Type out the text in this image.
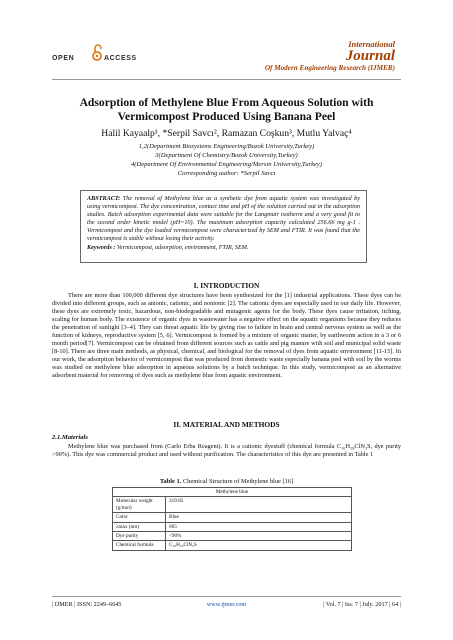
OPEN	ACCESS
International
Journal
Of Modern Engineering Research (IJMER)
Adsorption of Methylene Blue From Aqueous Solution with
Vermicompost Produced Using Banana Peel
Halil Kayaalp¹, *Serpil Savcı², Ramazan Coşkun³, Mutlu Yalvaç⁴
1,2(Department Biosystems Engineering/Bozok University,Turkey)
3(Department Of Chemistry/Bozok University,Turkey)
4(Department Of Environmental Engineering/Mersin University,Turkey)
Corresponding author: *Serpil Savcı
ABSTRACT: The removal of Methylene blue as a synthetic dye from aquatic system was investigated by using vermicompost. The dye concentration, contact time and pH of the solution carried out in the adsorption studies. Batch adsorption experimental data were suitable for the Langmuir isotherm and a very good fit to the second order kinetic model (pH=10). The maximum adsorption capacity calculated 256.66 mg g-1 . Vermicompost and the dye loaded vermicompost were characterized by SEM and FTIR. It was found that the vermicompost is stable without losing their activity.
Keywords : Vermicompost, adsorption, environment, FTIR, SEM.
I. INTRODUCTION
There are more than 100,000 different dye structures have been synthesized for the [1] industrial applications. These dyes can be divided into different groups, such as anionic, cationic, and nonionic [2]. The cationic dyes are especially used in our daily life. However, these dyes are extremely toxic, hazardous, non-biodegradable and mutagenic agents for the body. These dyes cause irritation, itching, scaling for human body. The existence of organic dyes in wastewater has a negative effect on the aquatic organisms because they reduces the penetration of sunlight [3–4]. They can threat aquatic life by giving rise to failure in brain and central nervous system as well as the function of kidneys, reproductive system [5, 6]. Vermicompost is formed by a mixture of organic matter, by earthworm action in a 3 or 6 month period[7]. Vermicompost can be obtained from different sources such as cattle and pig manure with soil and municipal solid waste [8-10]. There are three main methods, as physical, chemical, and biological for the removal of dyes from aquatic environment [11-15]. In our work, the adsorption behavior of vermicompost that was produced from domestic waste especially banana peel with soil by the worms was studied on methylene blue adsorption in aqueous solutions by a batch technique. In this study, vermicompost as an alternative adsorbent material for removing of dyes such as methylene blue from aquatic environment.
II. MATERIAL AND METHODS
2.1.Materials
Methylene blue was purchased from (Carlo Erba Reagent). It is a cationic dyestuff (chemical formula C₁₆H₁₈ClN₃S, dye purity >90%). This dye was commercial product and used without purification. The characteristics of this dye are presented in Table 1
Table 1. Chemical Structure of Methylene blue [16]
Methylene blue	
Molecular weight (g/mol)	319.85
Color	Blue
λmax (nm)	665
Dye purity	<90%
Chemical formula	C₁₆H₁₈ClN₃S
| IJMER | ISSN: 2249–6645	www.ijmer.com	| Vol. 7 | Iss. 7 | July. 2017 | 64 |
